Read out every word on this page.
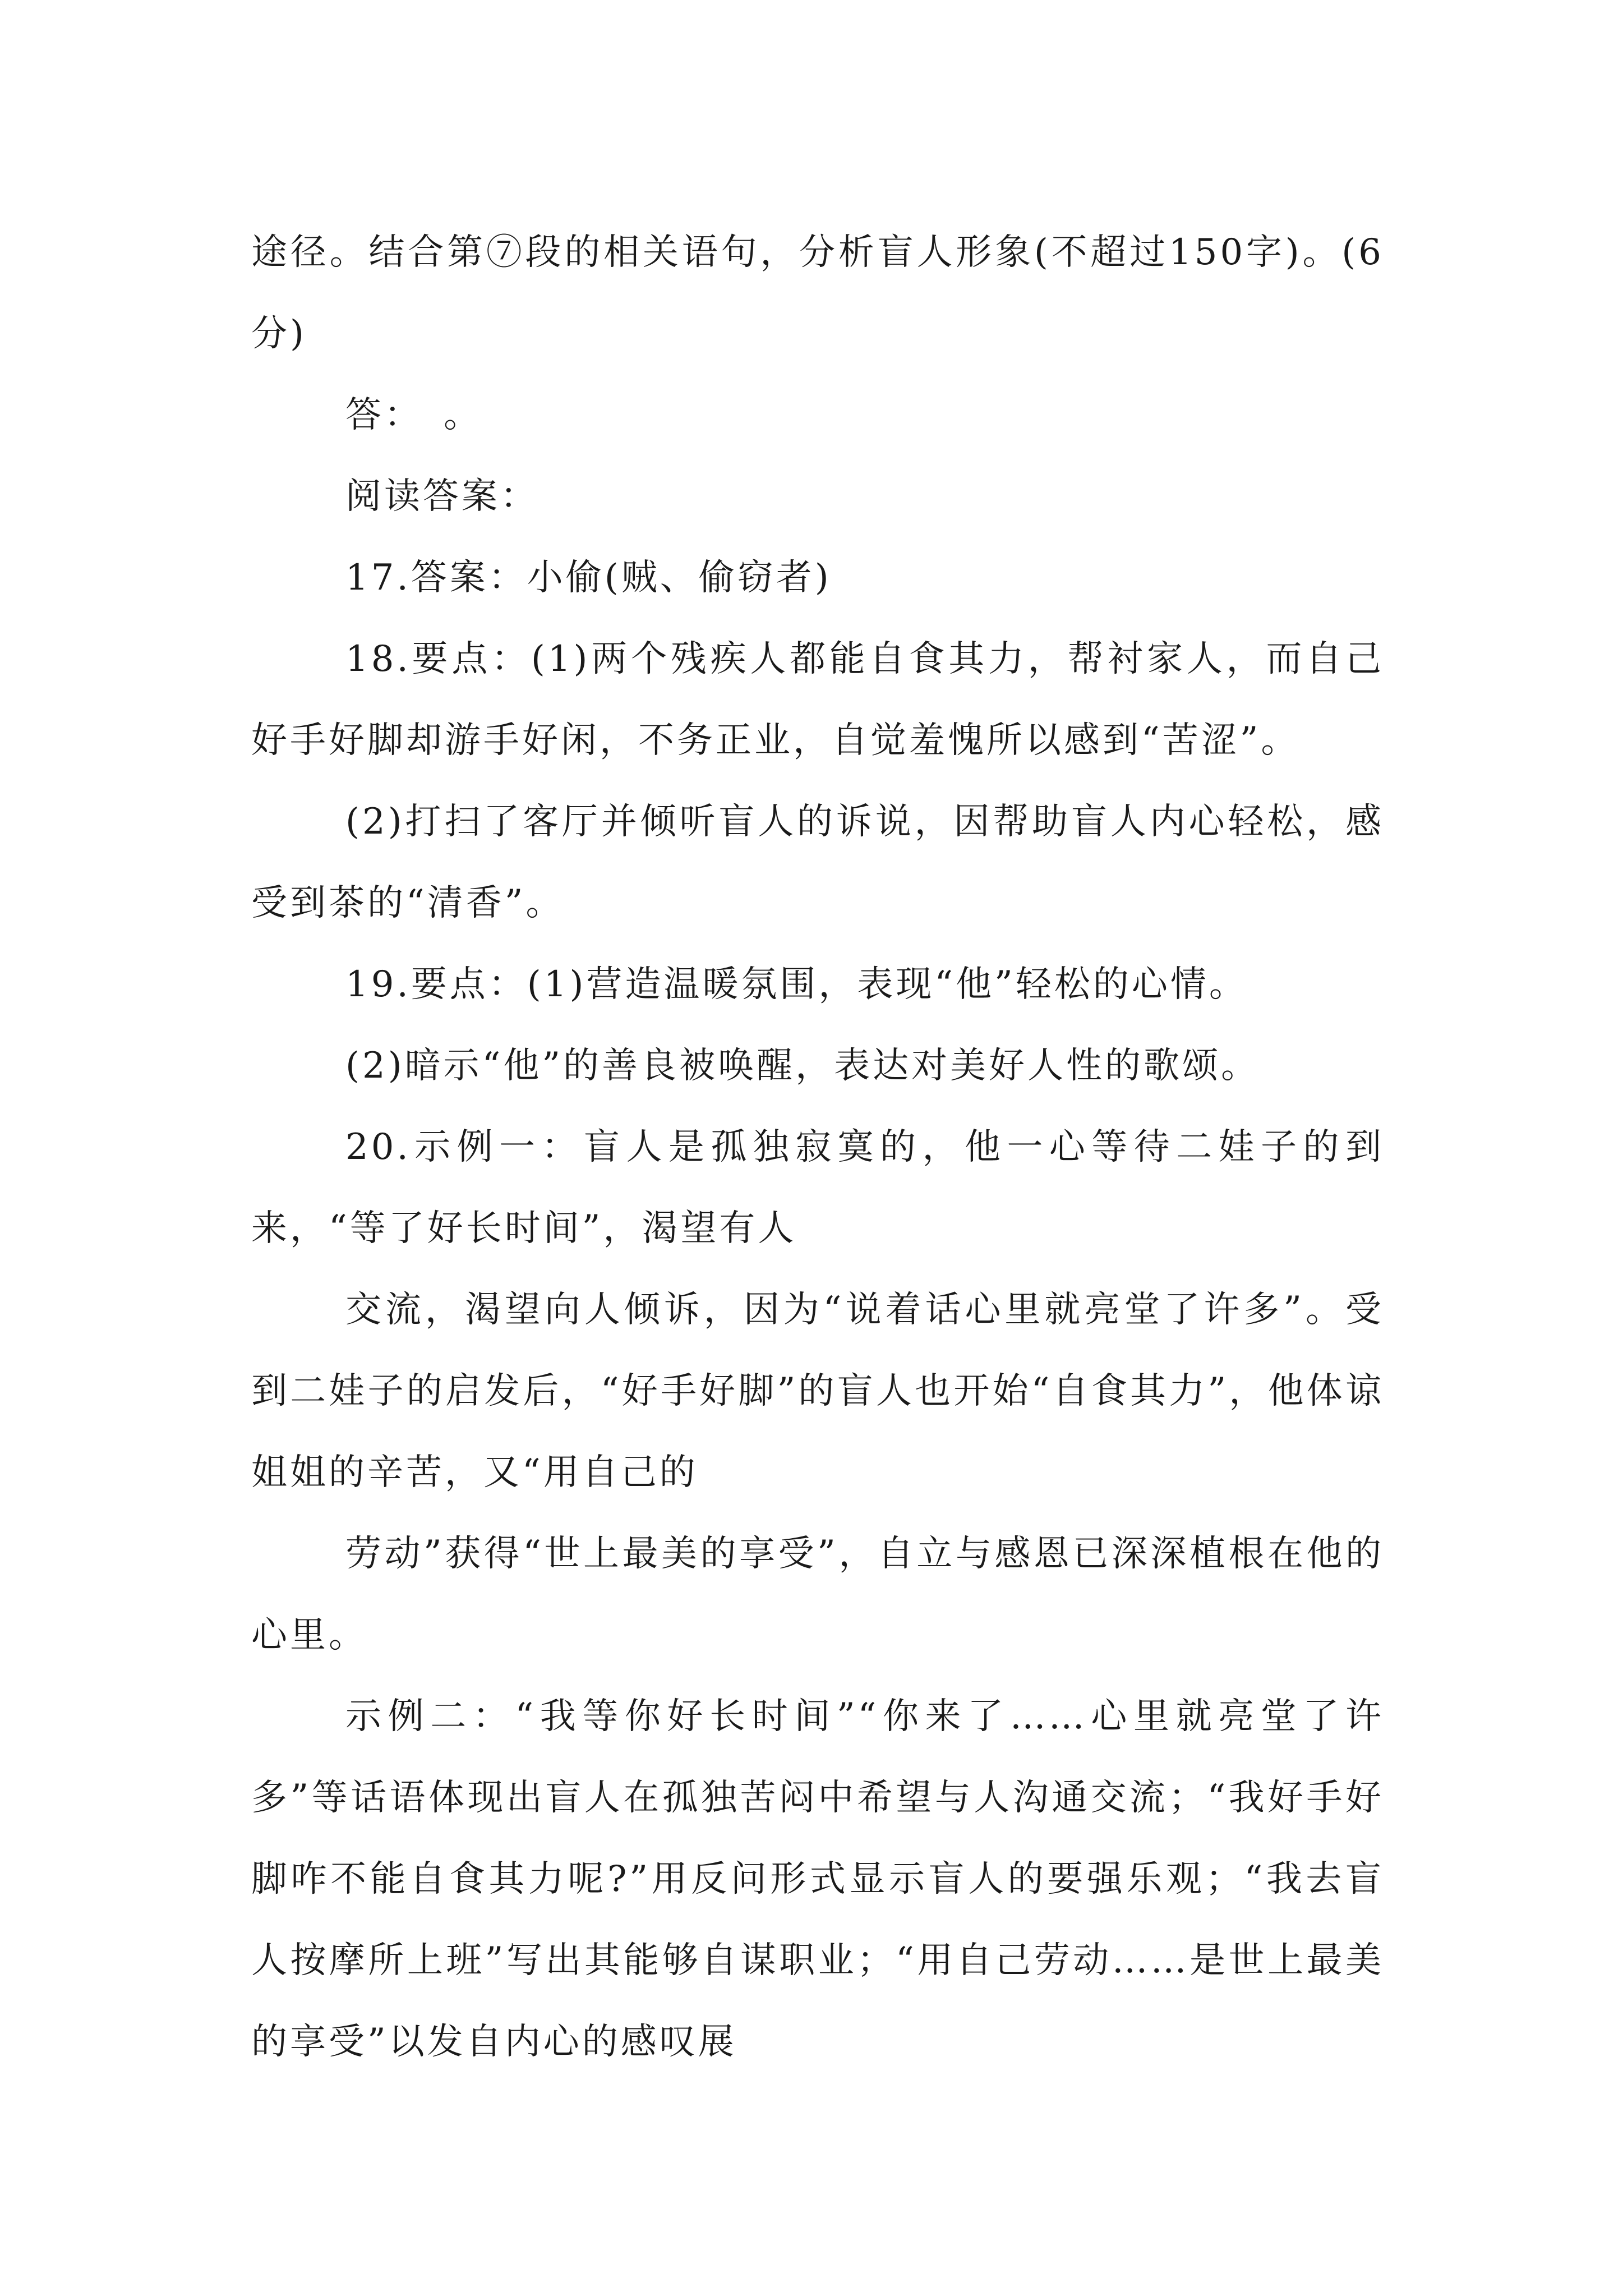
途径。结合第⑦段的相关语句，分析盲人形象(不超过150字)。(6分)

答：　。

阅读答案：

17.答案：小偷(贼、偷窃者)

18.要点：(1)两个残疾人都能自食其力，帮衬家人，而自己好手好脚却游手好闲，不务正业，自觉羞愧所以感到“苦涩”。

(2)打扫了客厅并倾听盲人的诉说，因帮助盲人内心轻松，感受到茶的“清香”。

19.要点：(1)营造温暖氛围，表现“他”轻松的心情。

(2)暗示“他”的善良被唤醒，表达对美好人性的歌颂。

20.示例一：盲人是孤独寂寞的，他一心等待二娃子的到来，“等了好长时间”，渴望有人

交流，渴望向人倾诉，因为“说着话心里就亮堂了许多”。受到二娃子的启发后，“好手好脚”的盲人也开始“自食其力”，他体谅姐姐的辛苦，又“用自己的

劳动”获得“世上最美的享受”，自立与感恩已深深植根在他的心里。

示例二：“我等你好长时间”“你来了……心里就亮堂了许多”等话语体现出盲人在孤独苦闷中希望与人沟通交流；“我好手好脚咋不能自食其力呢?”用反问形式显示盲人的要强乐观；“我去盲人按摩所上班”写出其能够自谋职业；“用自己劳动……是世上最美的享受”以发自内心的感叹展
